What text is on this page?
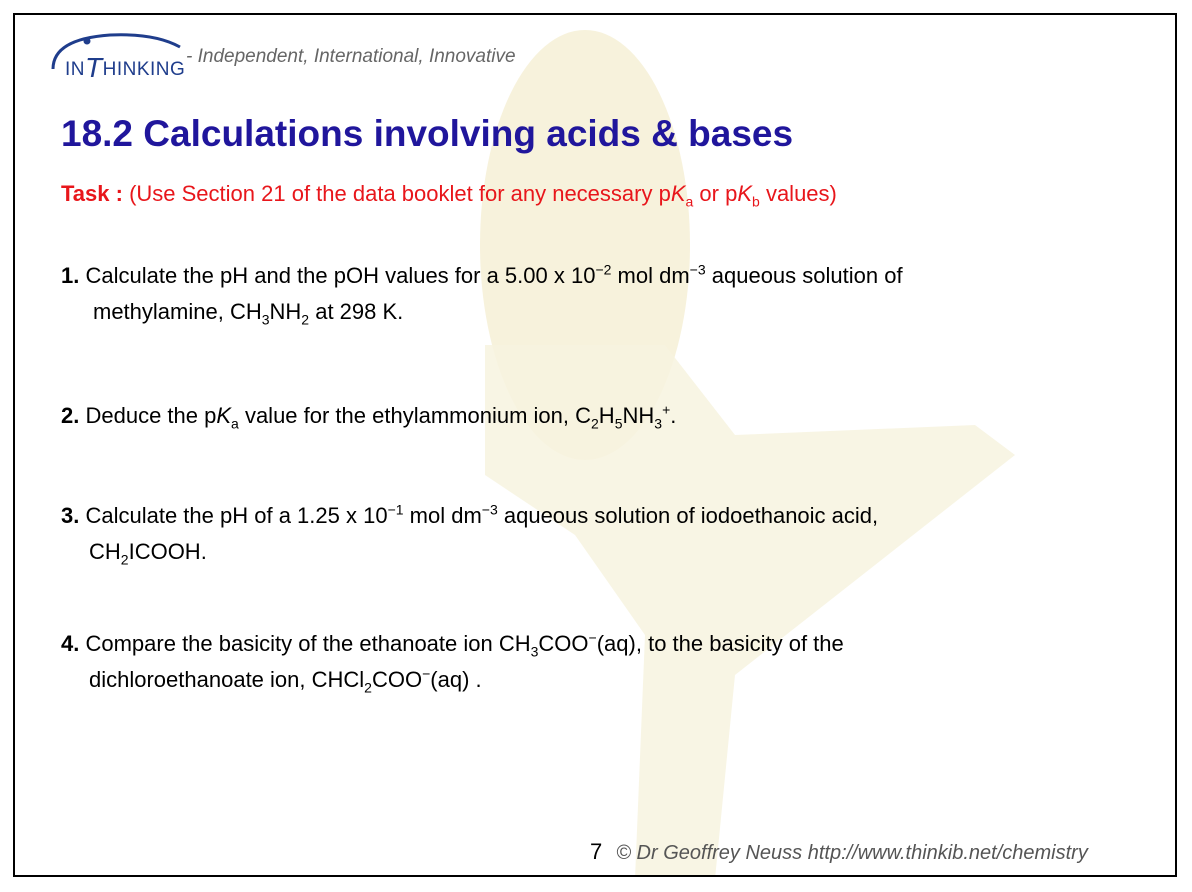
INTHINKING
- Independent, International, Innovative
18.2 Calculations involving acids & bases
Task : (Use Section 21 of the data booklet for any necessary $pK_a$ or $pK_b$ values)
1. Calculate the pH and the pOH values for a 5.00 x $10^{-2}$ mol $dm^{-3}$ aqueous solution of
methylamine, $CH_3NH_2$ at 298 K.
2. Deduce the $pK_a$ value for the ethylammonium ion, $C_2H_5NH_3^+$.
3. Calculate the pH of a 1.25 x $10^{-1}$ mol $dm^{-3}$ aqueous solution of iodoethanoic acid,
$CH_2ICOOH$.
4. Compare the basicity of the ethanoate ion $CH_3COO^-(aq)$, to the basicity of the
dichloroethanoate ion, CHCl$_2$COO−(aq) .
7 © Dr Geoffrey Neuss http://www.thinkib.net/chemistry
